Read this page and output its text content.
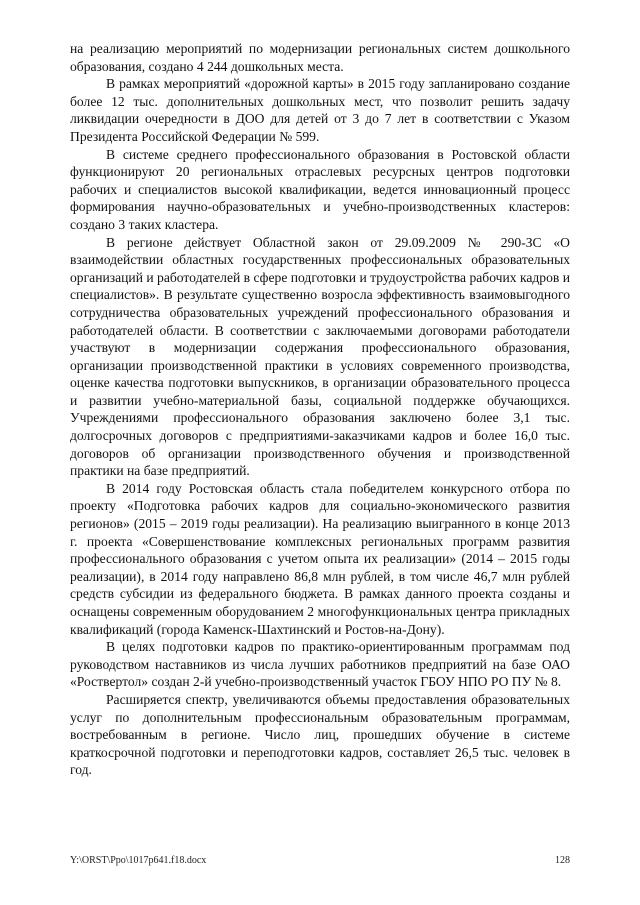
на реализацию мероприятий по модернизации региональных систем дошкольного образования, создано 4 244 дошкольных места.

В рамках мероприятий «дорожной карты» в 2015 году запланировано создание более 12 тыс. дополнительных дошкольных мест, что позволит решить задачу ликвидации очередности в ДОО для детей от 3 до 7 лет в соответствии с Указом Президента Российской Федерации № 599.

В системе среднего профессионального образования в Ростовской области функционируют 20 региональных отраслевых ресурсных центров подготовки рабочих и специалистов высокой квалификации, ведется инновационный процесс формирования научно-образовательных и учебно-производственных кластеров: создано 3 таких кластера.

В регионе действует Областной закон от 29.09.2009 № 290-ЗС «О взаимодействии областных государственных профессиональных образовательных организаций и работодателей в сфере подготовки и трудоустройства рабочих кадров и специалистов». В результате существенно возросла эффективность взаимовыгодного сотрудничества образовательных учреждений профессионального образования и работодателей области. В соответствии с заключаемыми договорами работодатели участвуют в модернизации содержания профессионального образования, организации производственной практики в условиях современного производства, оценке качества подготовки выпускников, в организации образовательного процесса и развитии учебно-материальной базы, социальной поддержке обучающихся. Учреждениями профессионального образования заключено более 3,1 тыс. долгосрочных договоров с предприятиями-заказчиками кадров и более 16,0 тыс. договоров об организации производственного обучения и производственной практики на базе предприятий.

В 2014 году Ростовская область стала победителем конкурсного отбора по проекту «Подготовка рабочих кадров для социально-экономического развития регионов» (2015 – 2019 годы реализации). На реализацию выигранного в конце 2013 г. проекта «Совершенствование комплексных региональных программ развития профессионального образования с учетом опыта их реализации» (2014 – 2015 годы реализации), в 2014 году направлено 86,8 млн рублей, в том числе 46,7 млн рублей средств субсидии из федерального бюджета. В рамках данного проекта созданы и оснащены современным оборудованием 2 многофункциональных центра прикладных квалификаций (города Каменск-Шахтинский и Ростов-на-Дону).

В целях подготовки кадров по практико-ориентированным программам под руководством наставников из числа лучших работников предприятий на базе ОАО «Роствертол» создан 2-й учебно-производственный участок ГБОУ НПО РО ПУ № 8.

Расширяется спектр, увеличиваются объемы предоставления образовательных услуг по дополнительным профессиональным образовательным программам, востребованным в регионе. Число лиц, прошедших обучение в системе краткосрочной подготовки и переподготовки кадров, составляет 26,5 тыс. человек в год.

Y:\ORST\Ppo\1017p641.f18.docx	128
